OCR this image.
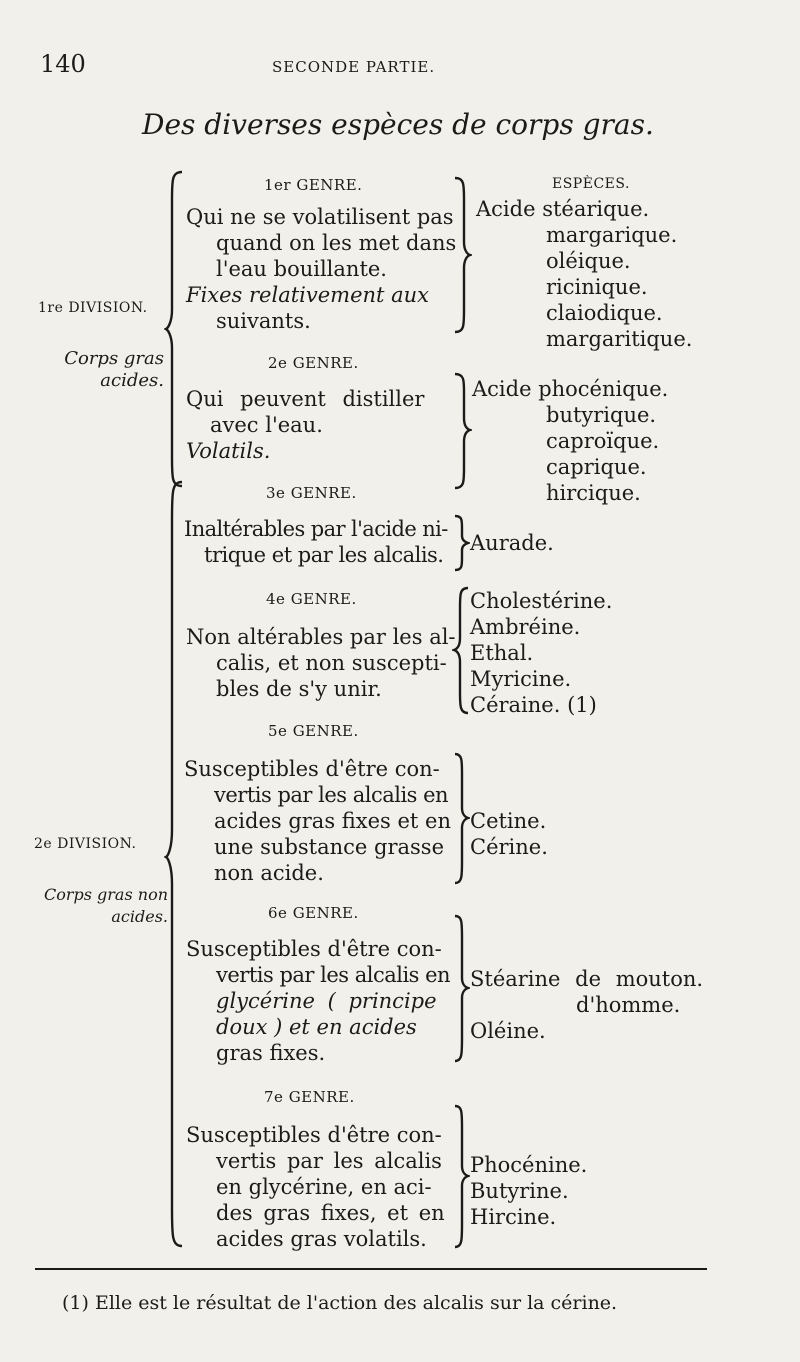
140	SECONDE PARTIE.
Des diverses espèces de corps gras.
1re DIVISION.
Corps gras
acides.
2e DIVISION.
Corps gras non
acides.
ESPÈCES.
1er GENRE.
Qui ne se volatilisent pas
quand on les met dans
l'eau bouillante.
Fixes relativement aux
suivants.
Acide stéarique.
margarique.
oléique.
ricinique.
claiodique.
margaritique.
2e GENRE.
Qui peuvent distiller
avec l'eau.
Volatils.
Acide phocénique.
butyrique.
caproïque.
caprique.
hircique.
3e GENRE.
Inaltérables par l'acide ni-
trique et par les alcalis. Aurade.
4e GENRE.
Non altérables par les al-
calis, et non suscepti-
bles de s'y unir.
Cholestérine.
Ambréine.
Ethal.
Myricine.
Céraine. (1)
5e GENRE.
Susceptibles d'être con-
vertis par les alcalis en
acides gras fixes et en
une substance grasse
non acide.
Cetine.
Cérine.
6e GENRE.
Susceptibles d'être con-
vertis par les alcalis en
glycérine ( principe
doux ) et en acides
gras fixes.
Stéarine de mouton.
d'homme.
Oléine.
7e GENRE.
Susceptibles d'être con-
vertis par les alcalis
en glycérine, en aci-
des gras fixes, et en
acides gras volatils.
Phocénine.
Butyrine.
Hircine.
(1) Elle est le résultat de l'action des alcalis sur la cérine.
